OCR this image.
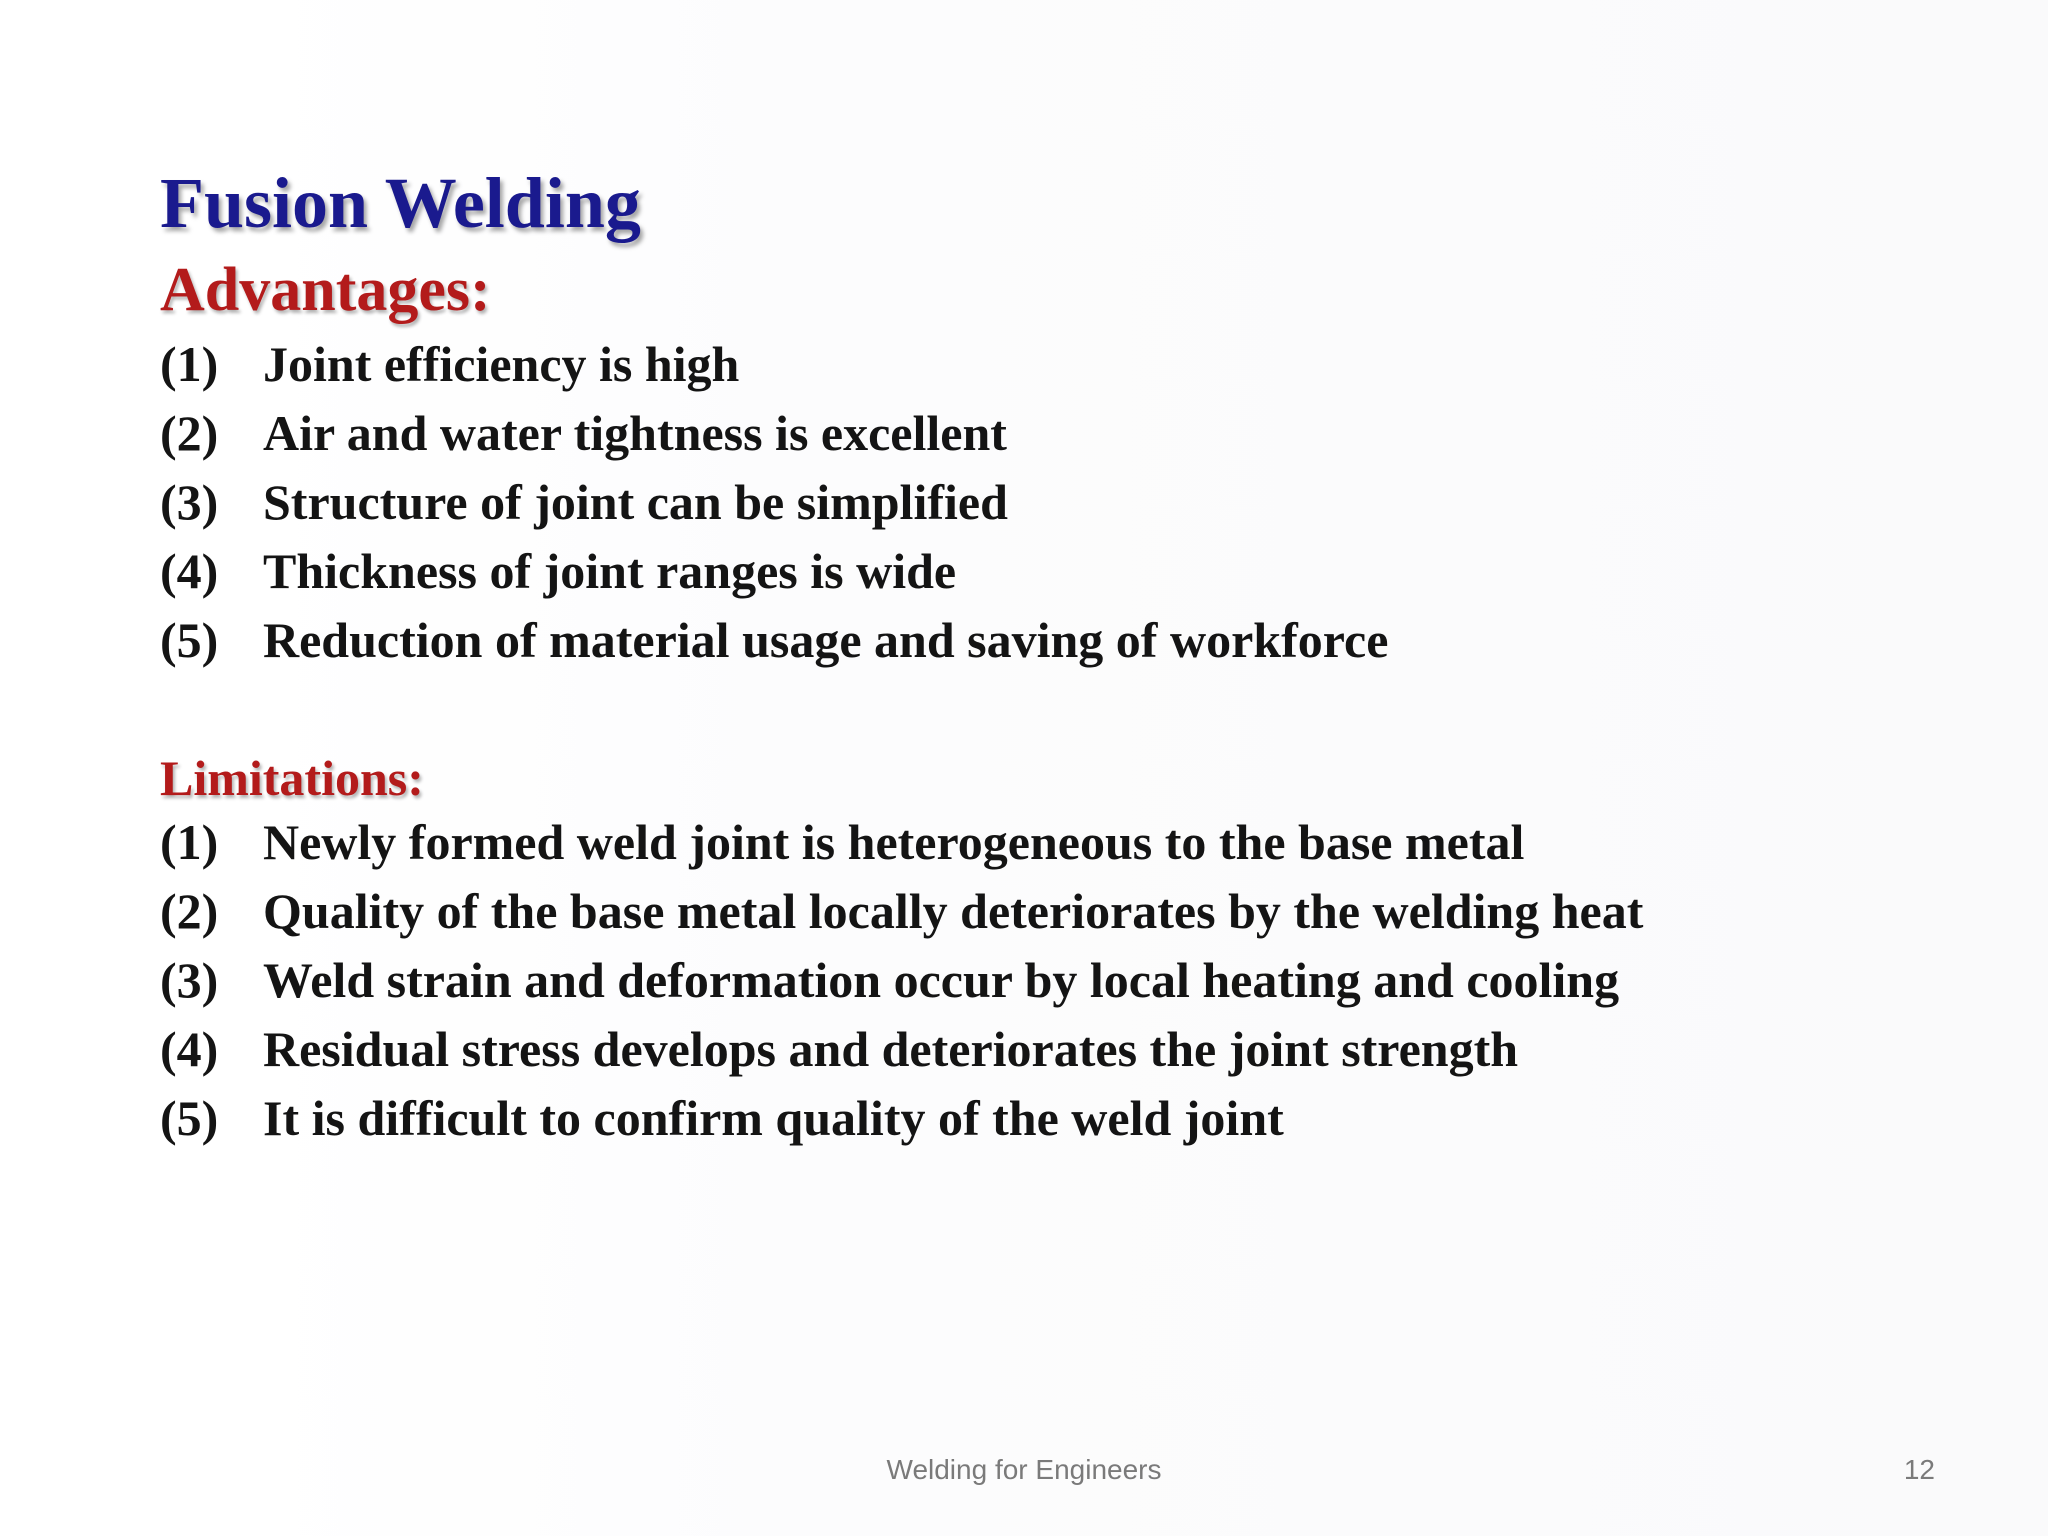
Fusion Welding
Advantages:
(1) Joint efficiency is high
(2) Air and water tightness is excellent
(3) Structure of joint can be simplified
(4) Thickness of joint ranges is wide
(5) Reduction of material usage and saving of workforce
Limitations:
(1) Newly formed weld joint is heterogeneous to the base metal
(2) Quality of the base metal locally deteriorates by the welding heat
(3) Weld strain and deformation occur by local heating and cooling
(4) Residual stress develops and deteriorates the joint strength
(5) It is difficult to confirm quality of the weld joint
Welding for Engineers	12
